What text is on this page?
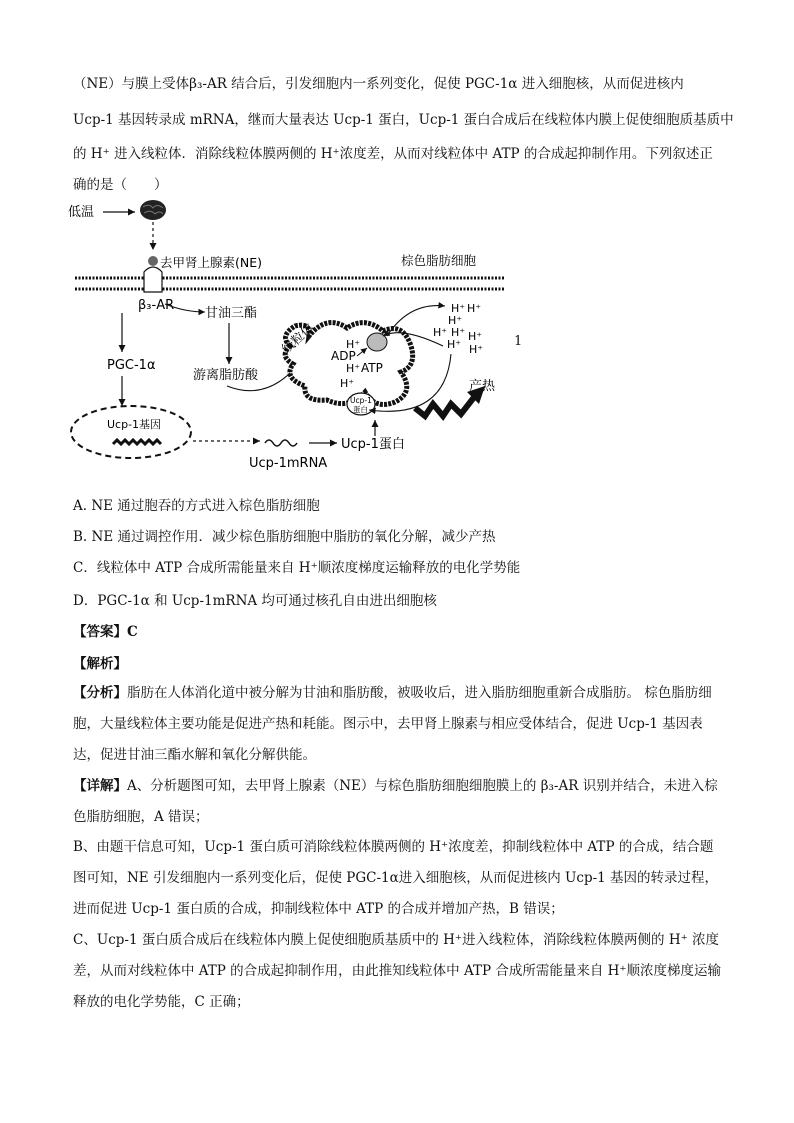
（NE）与膜上受体β₃-AR 结合后，引发细胞内一系列变化，促使 PGC-1α 进入细胞核，从而促进核内
Ucp-1 基因转录成 mRNA，继而大量表达 Ucp-1 蛋白，Ucp-1 蛋白合成后在线粒体内膜上促使细胞质基质中
的 H⁺ 进入线粒体．消除线粒体膜两侧的 H⁺浓度差，从而对线粒体中 ATP 的合成起抑制作用。下列叙述正
确的是（　　）
低温
去甲肾上腺素(NE)	棕色脂肪细胞
β₃-AR
甘油三酯
PGC-1α
游离脂肪酸
线粒体	H⁺
ADP
H⁺ ATP
H⁺
Ucp-1
蛋白
H⁺ H⁺
H⁺
H⁺ H⁺
H⁺
H⁺
H⁺
产热
Ucp-1基因
Ucp-1mRNA
Ucp-1蛋白
1
A. NE 通过胞吞的方式进入棕色脂肪细胞
B. NE 通过调控作用．减少棕色脂肪细胞中脂肪的氧化分解，减少产热
C．线粒体中 ATP 合成所需能量来自 H⁺顺浓度梯度运输释放的电化学势能
D．PGC-1α 和 Ucp-1mRNA 均可通过核孔自由进出细胞核
【答案】C
【解析】
【分析】脂肪在人体消化道中被分解为甘油和脂肪酸，被吸收后，进入脂肪细胞重新合成脂肪。 棕色脂肪细胞，大量线粒体主要功能是促进产热和耗能。图示中，去甲肾上腺素与相应受体结合，促进 Ucp-1 基因表达，促进甘油三酯水解和氧化分解供能。
【详解】A、分析题图可知，去甲肾上腺素（NE）与棕色脂肪细胞细胞膜上的 β₃-AR 识别并结合，未进入棕色脂肪细胞，A 错误；
B、由题干信息可知，Ucp-1 蛋白质可消除线粒体膜两侧的 H⁺浓度差，抑制线粒体中 ATP 的合成，结合题图可知，NE 引发细胞内一系列变化后，促使 PGC-1α进入细胞核，从而促进核内 Ucp-1 基因的转录过程，进而促进 Ucp-1 蛋白质的合成，抑制线粒体中 ATP 的合成并增加产热，B 错误；
C、Ucp-1 蛋白质合成后在线粒体内膜上促使细胞质基质中的 H⁺进入线粒体，消除线粒体膜两侧的 H⁺ 浓度差，从而对线粒体中 ATP 的合成起抑制作用，由此推知线粒体中 ATP 合成所需能量来自 H⁺顺浓度梯度运输释放的电化学势能，C 正确；
